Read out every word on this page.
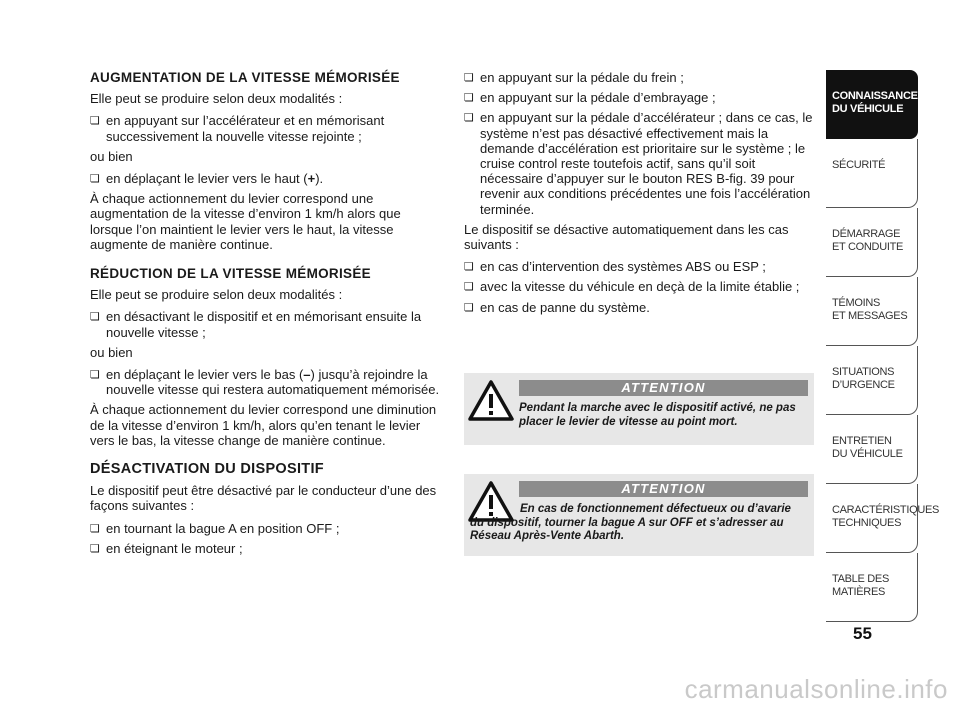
AUGMENTATION DE LA VITESSE MÉMORISÉE

Elle peut se produire selon deux modalités :

❏ en appuyant sur l’accélérateur et en mémorisant successivement la nouvelle vitesse rejointe ;

ou bien

❏ en déplaçant le levier vers le haut (+).

À chaque actionnement du levier correspond une augmentation de la vitesse d’environ 1 km/h alors que lorsque l’on maintient le levier vers le haut, la vitesse augmente de manière continue.

RÉDUCTION DE LA VITESSE MÉMORISÉE

Elle peut se produire selon deux modalités :

❏ en désactivant le dispositif et en mémorisant ensuite la nouvelle vitesse ;

ou bien

❏ en déplaçant le levier vers le bas (–) jusqu’à rejoindre la nouvelle vitesse qui restera automatiquement mémorisée.

À chaque actionnement du levier correspond une diminution de la vitesse d’environ 1 km/h, alors qu’en tenant le levier vers le bas, la vitesse change de manière continue.

DÉSACTIVATION DU DISPOSITIF

Le dispositif peut être désactivé par le conducteur d’une des façons suivantes :

❏ en tournant la bague A en position OFF ;
❏ en éteignant le moteur ;
❏ en appuyant sur la pédale du frein ;
❏ en appuyant sur la pédale d’embrayage ;
❏ en appuyant sur la pédale d’accélérateur ; dans ce cas, le système n’est pas désactivé effectivement mais la demande d’accélération est prioritaire sur le système ; le cruise control reste toutefois actif, sans qu’il soit nécessaire d’appuyer sur le bouton RES B-fig. 39 pour revenir aux conditions précédentes une fois l’accélération terminée.

Le dispositif se désactive automatiquement dans les cas suivants :

❏ en cas d’intervention des systèmes ABS ou ESP ;
❏ avec la vitesse du véhicule en deçà de la limite établie ;
❏ en cas de panne du système.
ATTENTION
Pendant la marche avec le dispositif activé, ne pas placer le levier de vitesse au point mort.
ATTENTION
En cas de fonctionnement défectueux ou d’avarie du dispositif, tourner la bague A sur OFF et s’adresser au Réseau Après-Vente Abarth.
CONNAISSANCE
DU VÉHICULE
SÉCURITÉ
DÉMARRAGE
ET CONDUITE
TÉMOINS
ET MESSAGES
SITUATIONS
D’URGENCE
ENTRETIEN
DU VÉHICULE
CARACTÉRISTIQUES
TECHNIQUES
TABLE DES
MATIÈRES
55
carmanualsonline.info
